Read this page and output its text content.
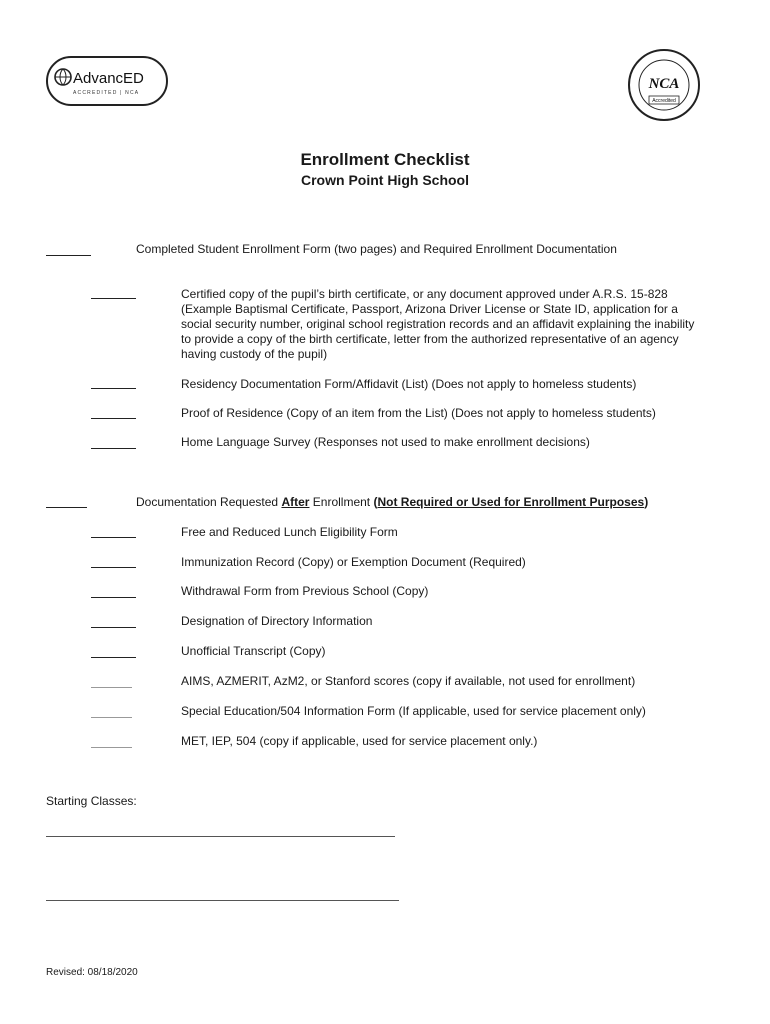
AdvancED
ACCREDITED | NCA
NCA
Accredited
Enrollment Checklist
Crown Point High School
Completed Student Enrollment Form (two pages) and Required Enrollment Documentation
Certified copy of the pupil’s birth certificate, or any document approved under A.R.S. 15-828 (Example Baptismal Certificate, Passport, Arizona Driver License or State ID, application for a social security number, original school registration records and an affidavit explaining the inability to provide a copy of the birth certificate, letter from the authorized representative of an agency having custody of the pupil)
Residency Documentation Form/Affidavit (List) (Does not apply to homeless students)
Proof of Residence (Copy of an item from the List) (Does not apply to homeless students)
Home Language Survey (Responses not used to make enrollment decisions)
Documentation Requested After Enrollment (Not Required or Used for Enrollment Purposes)
Free and Reduced Lunch Eligibility Form
Immunization Record (Copy) or Exemption Document (Required)
Withdrawal Form from Previous School (Copy)
Designation of Directory Information
Unofficial Transcript (Copy)
AIMS, AZMERIT, AzM2, or Stanford scores (copy if available, not used for enrollment)
Special Education/504 Information Form (If applicable, used for service placement only)
MET, IEP, 504 (copy if applicable, used for service placement only.)
Starting Classes:
Revised: 08/18/2020
